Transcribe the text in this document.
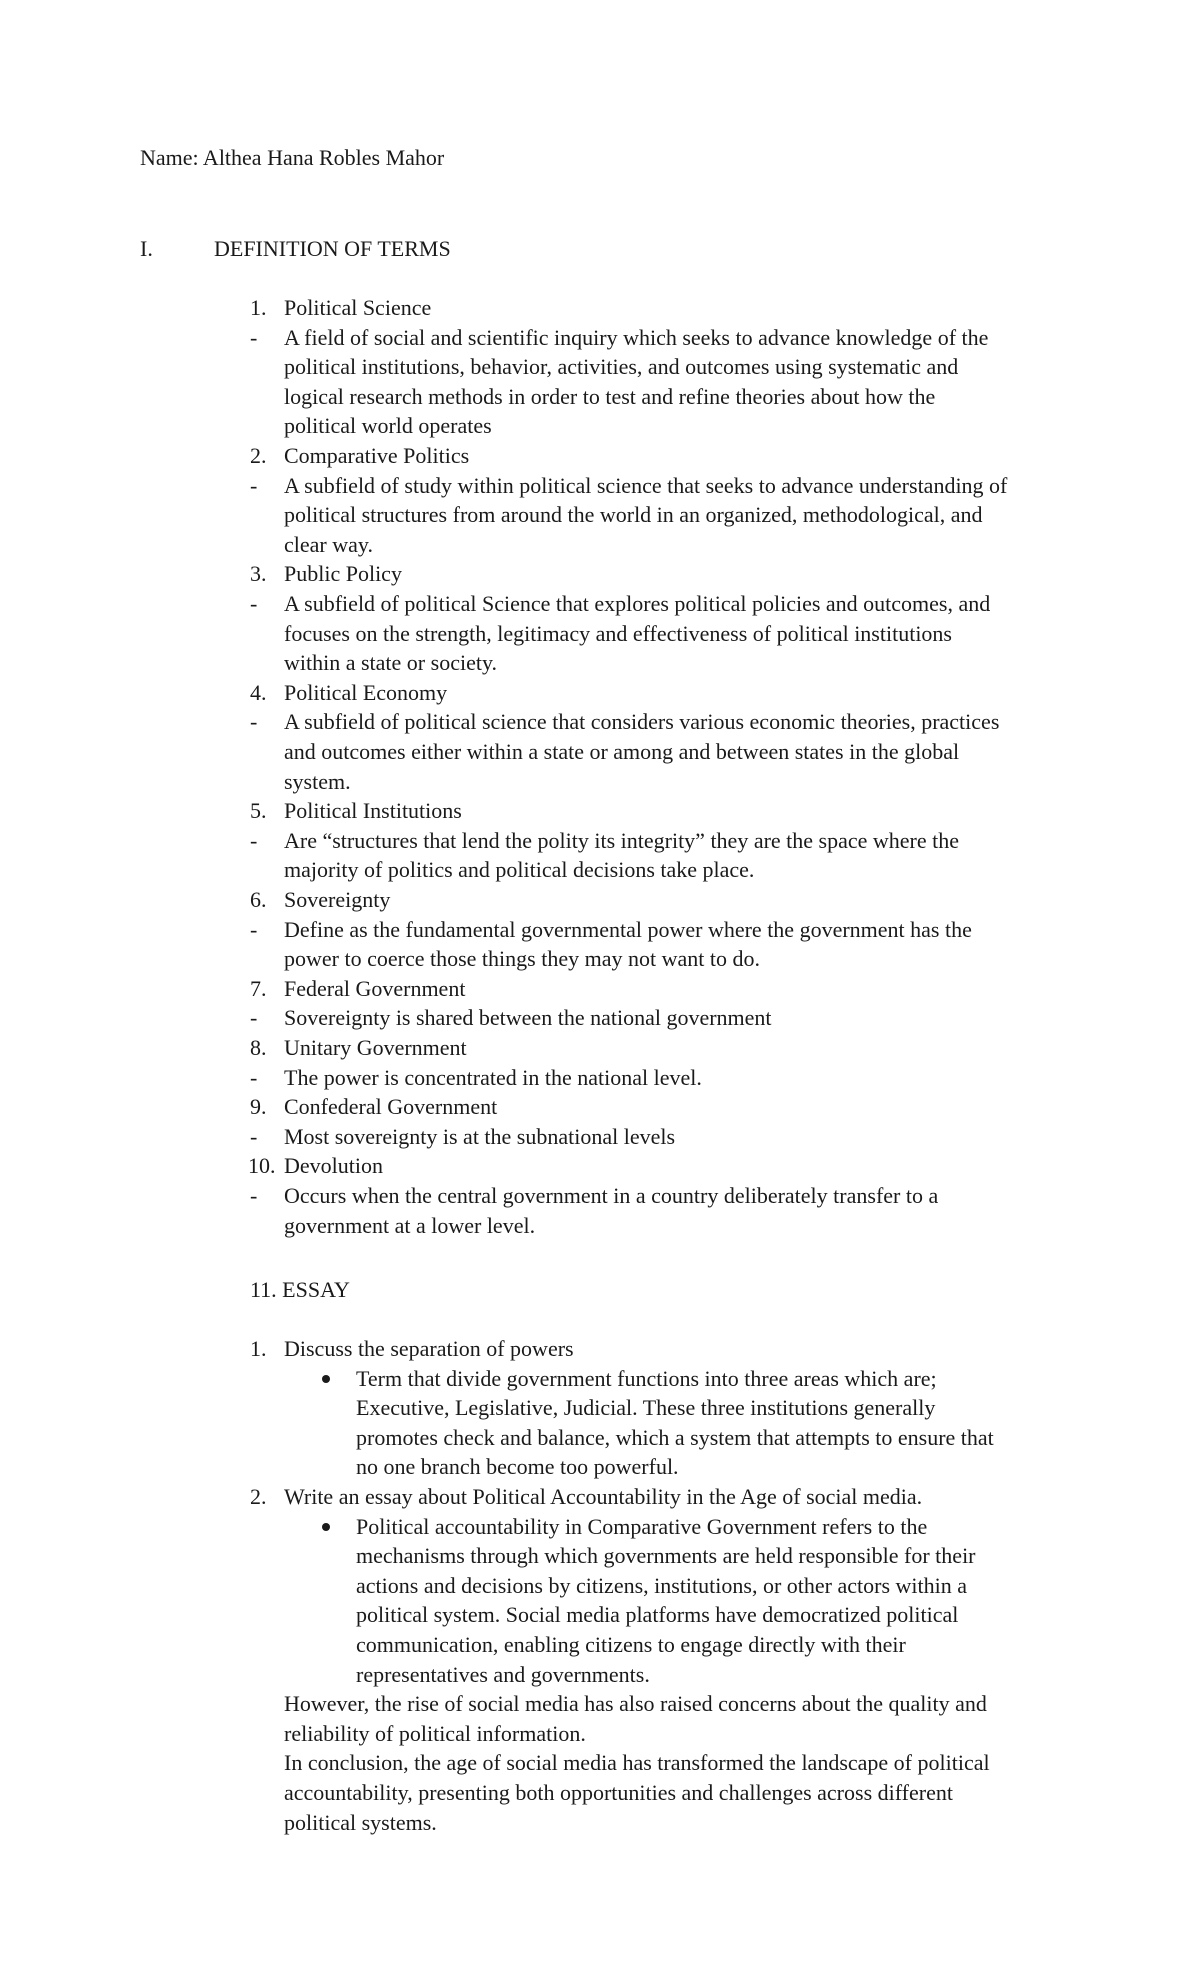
Name: Althea Hana Robles Mahor
I.	DEFINITION OF TERMS
1. Political Science
- A field of social and scientific inquiry which seeks to advance knowledge of the
political institutions, behavior, activities, and outcomes using systematic and
logical research methods in order to test and refine theories about how the
political world operates
2. Comparative Politics
- A subfield of study within political science that seeks to advance understanding of
political structures from around the world in an organized, methodological, and
clear way.
3. Public Policy
- A subfield of political Science that explores political policies and outcomes, and
focuses on the strength, legitimacy and effectiveness of political institutions
within a state or society.
4. Political Economy
- A subfield of political science that considers various economic theories, practices
and outcomes either within a state or among and between states in the global
system.
5. Political Institutions
- Are “structures that lend the polity its integrity” they are the space where the
majority of politics and political decisions take place.
6. Sovereignty
- Define as the fundamental governmental power where the government has the
power to coerce those things they may not want to do.
7. Federal Government
- Sovereignty is shared between the national government
8. Unitary Government
- The power is concentrated in the national level.
9. Confederal Government
- Most sovereignty is at the subnational levels
10. Devolution
- Occurs when the central government in a country deliberately transfer to a
government at a lower level.
11. ESSAY
1. Discuss the separation of powers
Term that divide government functions into three areas which are;
Executive, Legislative, Judicial. These three institutions generally
promotes check and balance, which a system that attempts to ensure that
no one branch become too powerful.
2. Write an essay about Political Accountability in the Age of social media.
Political accountability in Comparative Government refers to the
mechanisms through which governments are held responsible for their
actions and decisions by citizens, institutions, or other actors within a
political system. Social media platforms have democratized political
communication, enabling citizens to engage directly with their
representatives and governments.
However, the rise of social media has also raised concerns about the quality and
reliability of political information.
In conclusion, the age of social media has transformed the landscape of political
accountability, presenting both opportunities and challenges across different
political systems.
